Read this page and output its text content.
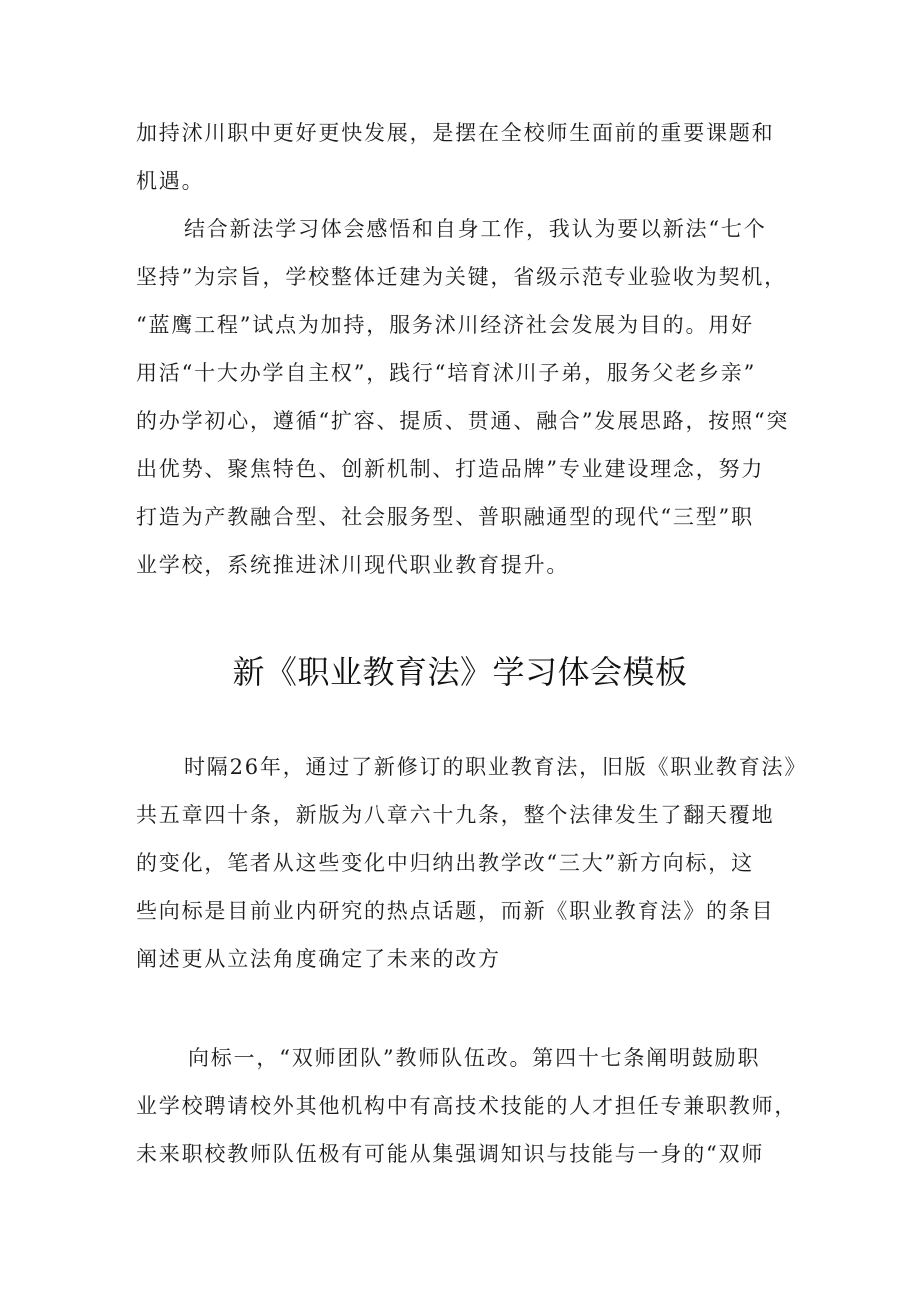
加持沭川职中更好更快发展，是摆在全校师生面前的重要课题和
机遇。
结合新法学习体会感悟和自身工作，我认为要以新法“七个
坚持”为宗旨，学校整体迁建为关键，省级示范专业验收为契机，
“蓝鹰工程”试点为加持，服务沭川经济社会发展为目的。用好
用活“十大办学自主权”，践行“培育沭川子弟，服务父老乡亲”
的办学初心，遵循“扩容、提质、贯通、融合”发展思路，按照“突
出优势、聚焦特色、创新机制、打造品牌”专业建设理念，努力
打造为产教融合型、社会服务型、普职融通型的现代“三型”职
业学校，系统推进沭川现代职业教育提升。
新《职业教育法》学习体会模板
时隔26年，通过了新修订的职业教育法，旧版《职业教育法》
共五章四十条，新版为八章六十九条，整个法律发生了翻天覆地
的变化，笔者从这些变化中归纳出教学改“三大”新方向标，这
些向标是目前业内研究的热点话题，而新《职业教育法》的条目
阐述更从立法角度确定了未来的改方
向标一，“双师团队”教师队伍改。第四十七条阐明鼓励职
业学校聘请校外其他机构中有高技术技能的人才担任专兼职教师，
未来职校教师队伍极有可能从集强调知识与技能与一身的“双师
